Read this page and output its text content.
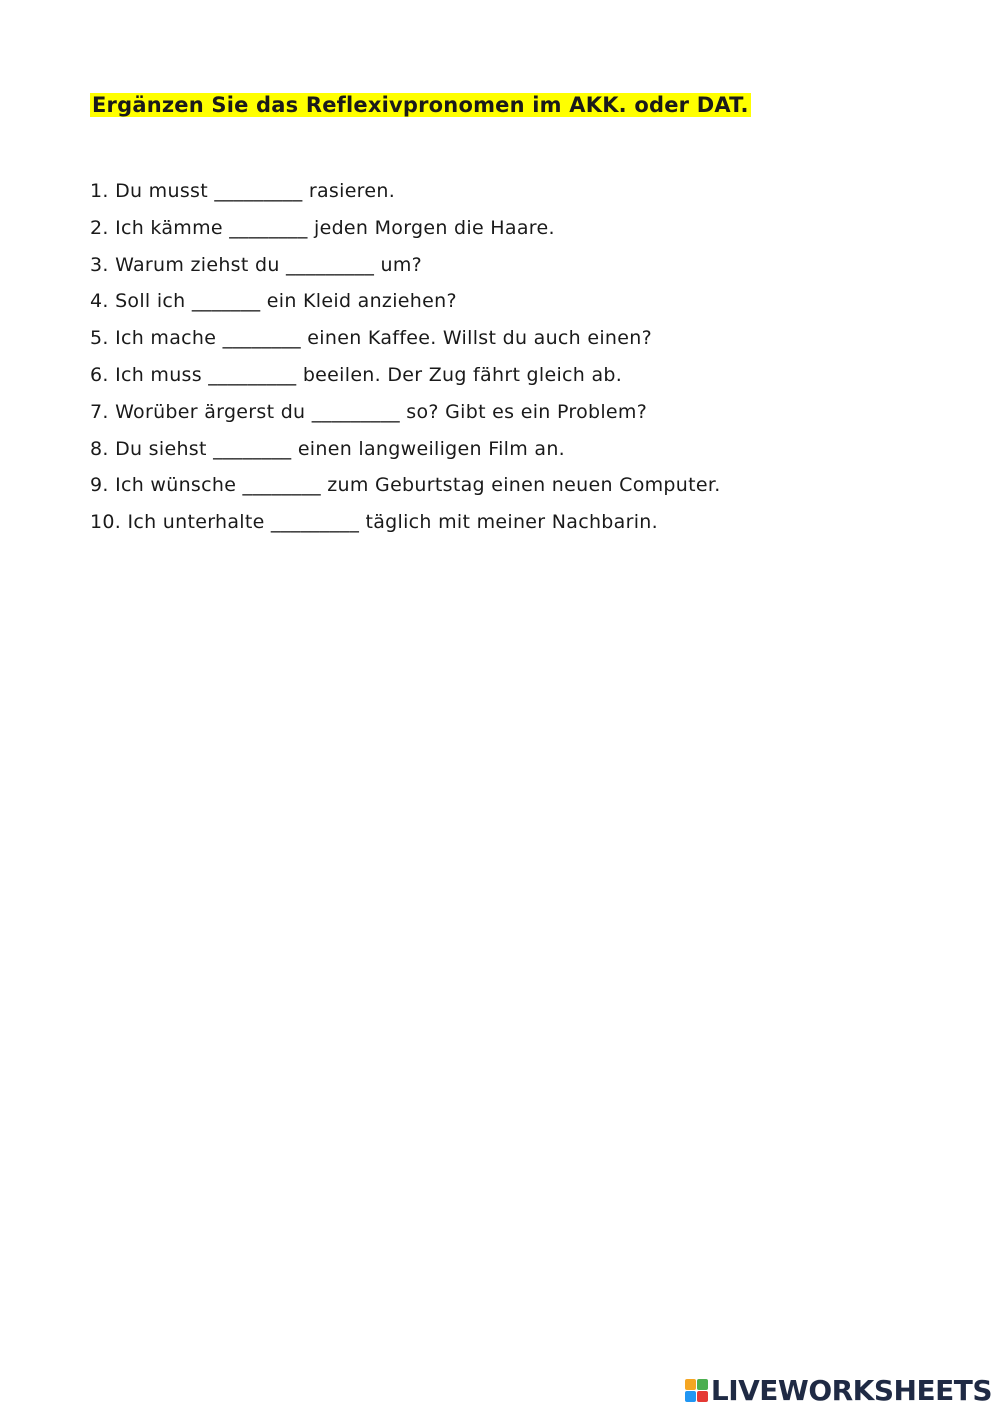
Ergänzen Sie das Reflexivpronomen im AKK. oder DAT.
1. Du musst _________ rasieren.
2. Ich kämme ________ jeden Morgen die Haare.
3. Warum ziehst du _________ um?
4. Soll ich _______ ein Kleid anziehen?
5. Ich mache ________ einen Kaffee. Willst du auch einen?
6. Ich muss _________ beeilen. Der Zug fährt gleich ab.
7. Worüber ärgerst du _________ so? Gibt es ein Problem?
8. Du siehst ________ einen langweiligen Film an.
9. Ich wünsche ________ zum Geburtstag einen neuen Computer.
10. Ich unterhalte _________ täglich mit meiner Nachbarin.
LIVEWORKSHEETS
